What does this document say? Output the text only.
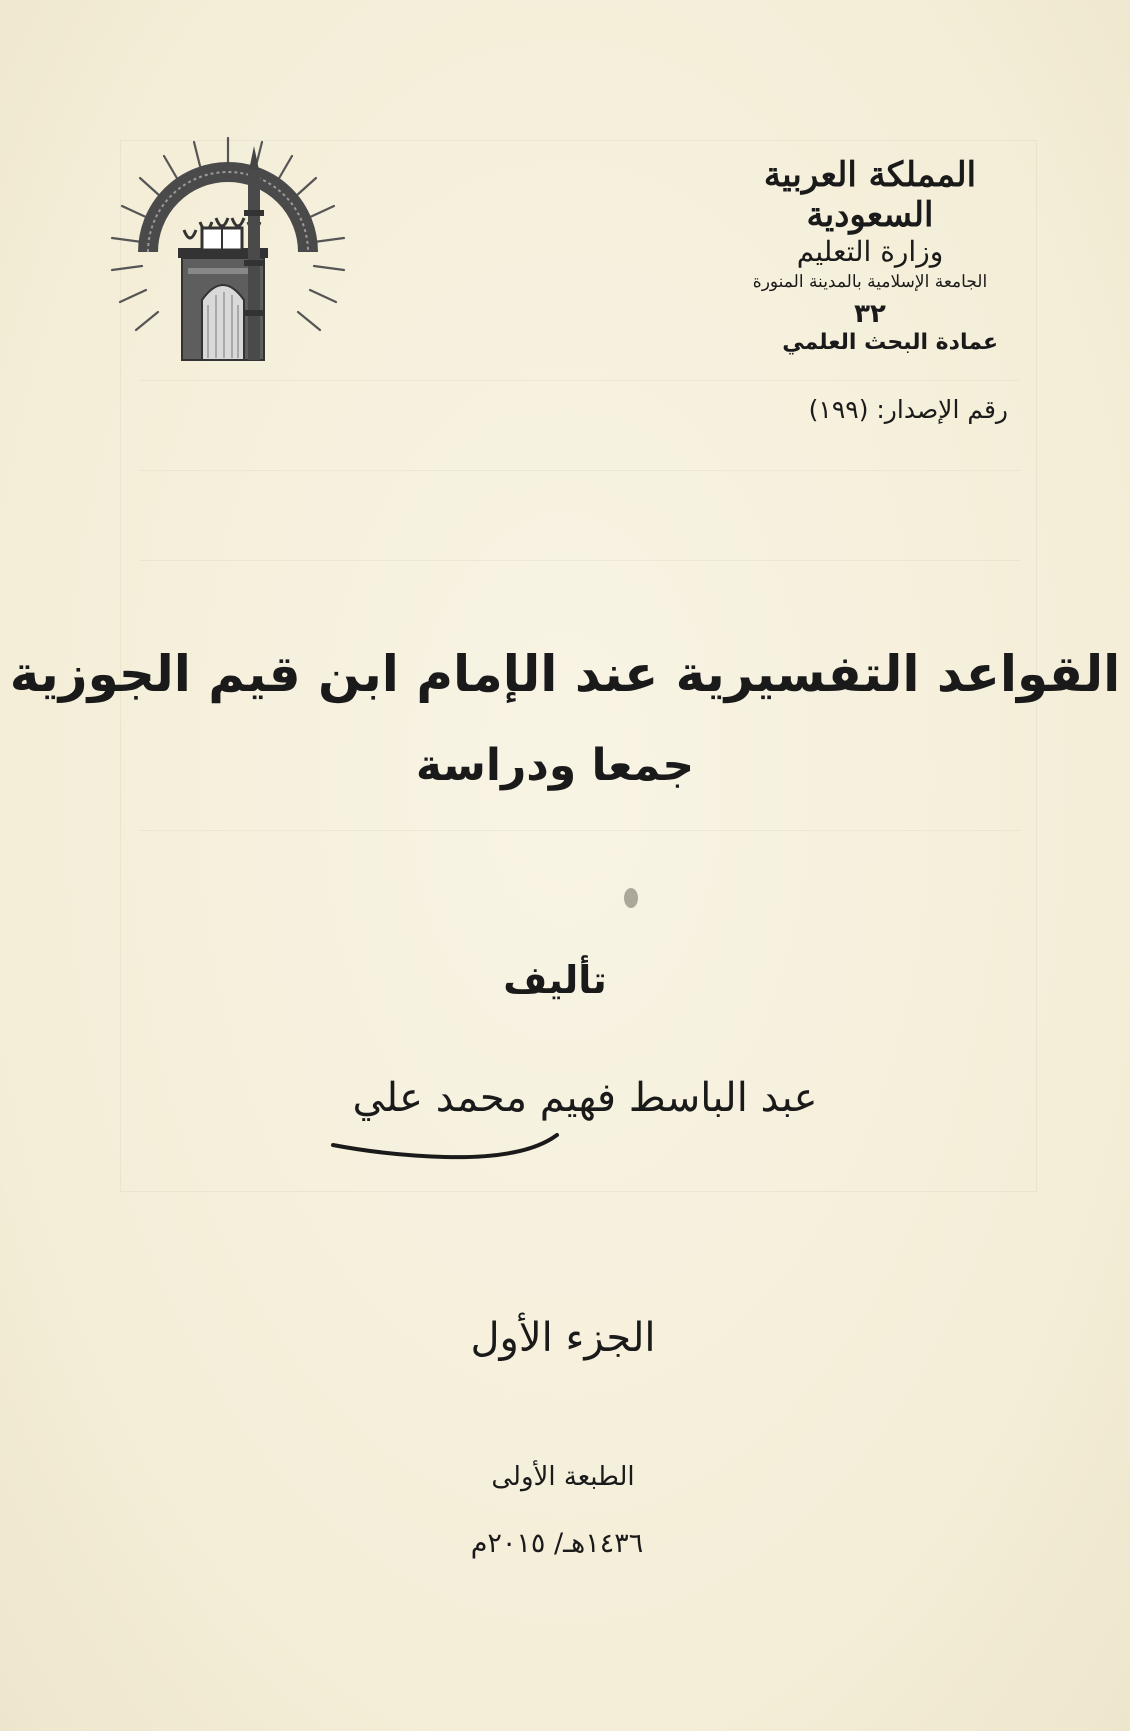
المملكة العربية السعودية
وزارة التعليم
الجامعة الإسلامية بالمدينة المنورة
٣٢
عمادة البحث العلمي
رقم الإصدار: (١٩٩)
القواعد التفسيرية عند الإمام ابن قيم الجوزية
جمعا ودراسة
تأليف
عبد الباسط فهيم محمد علي
الجزء الأول
الطبعة الأولى
١٤٣٦هـ/ ٢٠١٥م
